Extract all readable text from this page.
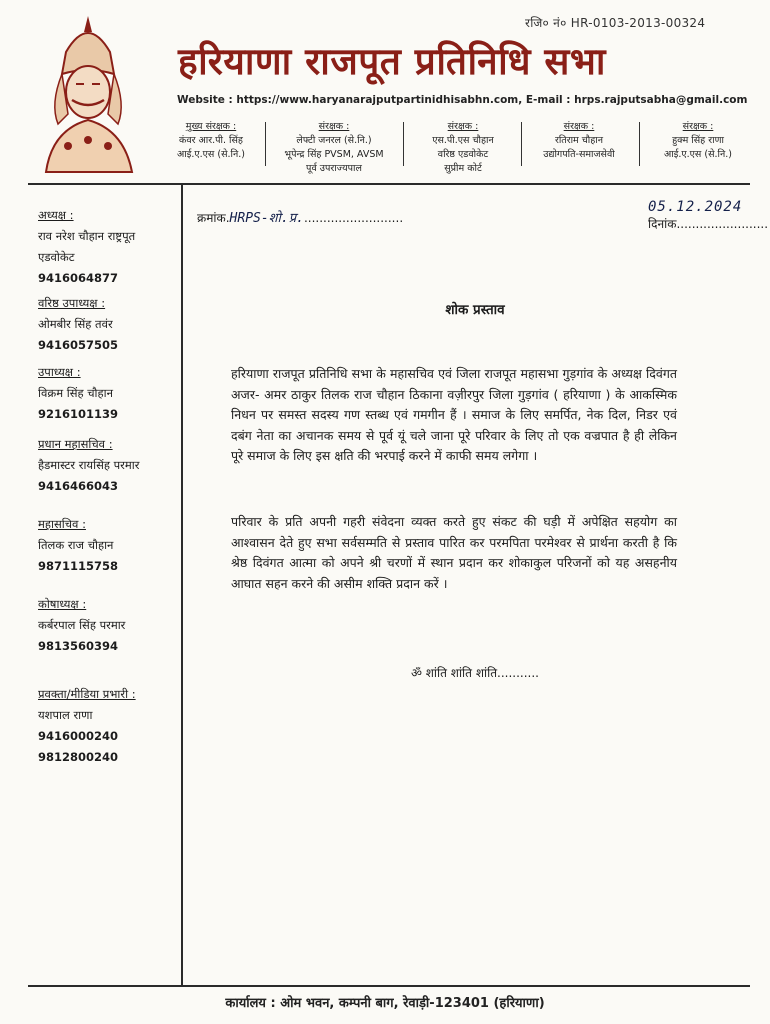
रजि० नं० HR-0103-2013-00324
हरियाणा राजपूत प्रतिनिधि सभा
Website : https://www.haryanarajputpartinidhisabhn.com, E-mail : hrps.rajputsabha@gmail.com
मुख्य संरक्षक :
कंवर आर.पी. सिंह
आई.ए.एस (से.नि.)
संरक्षक :
लेफ्टी जनरल (से.नि.)
भूपेन्द्र सिंह PVSM, AVSM
पूर्व उपराज्यपाल
संरक्षक :
एस.पी.एस चौहान
वरिष्ठ एडवोकेट
सुप्रीम कोर्ट
संरक्षक :
रतिराम चौहान
उद्योगपति-समाजसेवी
संरक्षक :
हुक्म सिंह राणा
आई.ए.एस (से.नि.)
अध्यक्ष :
राव नरेश चौहान राष्ट्रपूत
एडवोकेट
9416064877
वरिष्ठ उपाध्यक्ष :
ओमबीर सिंह तवंर
9416057505
उपाध्यक्ष :
विक्रम सिंह चौहान
9216101139
प्रधान महासचिव :
हैडमास्टर रायसिंह परमार
9416466043
महासचिव :
तिलक राज चौहान
9871115758
कोषाध्यक्ष :
कर्बरपाल सिंह परमार
9813560394
प्रवक्ता/मीडिया प्रभारी :
यशपाल राणा
9416000240
9812800240
क्रमांक.HRPS-शो.प्र...........................
05.12.2024
दिनांक........................
शोक प्रस्ताव
हरियाणा राजपूत प्रतिनिधि सभा के महासचिव एवं जिला राजपूत महासभा गुड़गांव के अध्यक्ष दिवंगत अजर- अमर ठाकुर तिलक राज चौहान ठिकाना वज़ीरपुर जिला गुड़गांव ( हरियाणा ) के आकस्मिक निधन पर समस्त सदस्य गण स्तब्ध एवं गमगीन हैं । समाज के लिए समर्पित, नेक दिल, निडर एवं दबंग नेता का अचानक समय से पूर्व यूं चले जाना पूरे परिवार के लिए तो एक वज्रपात है ही लेकिन पूरे समाज के लिए इस क्षति की भरपाई करने में काफी समय लगेगा ।
परिवार के प्रति अपनी गहरी संवेदना व्यक्त करते हुए संकट की घड़ी में अपेक्षित सहयोग का आश्वासन देते हुए सभा सर्वसम्मति से प्रस्ताव पारित कर परमपिता परमेश्वर से प्रार्थना करती है कि श्रेष्ठ दिवंगत आत्मा को अपने श्री चरणों में स्थान प्रदान कर शोकाकुल परिजनों को यह असहनीय आघात सहन करने की असीम शक्ति प्रदान करें ।
ॐ शांति शांति शांति...........
कार्यालय : ओम भवन, कम्पनी बाग, रेवाड़ी-123401 (हरियाणा)
